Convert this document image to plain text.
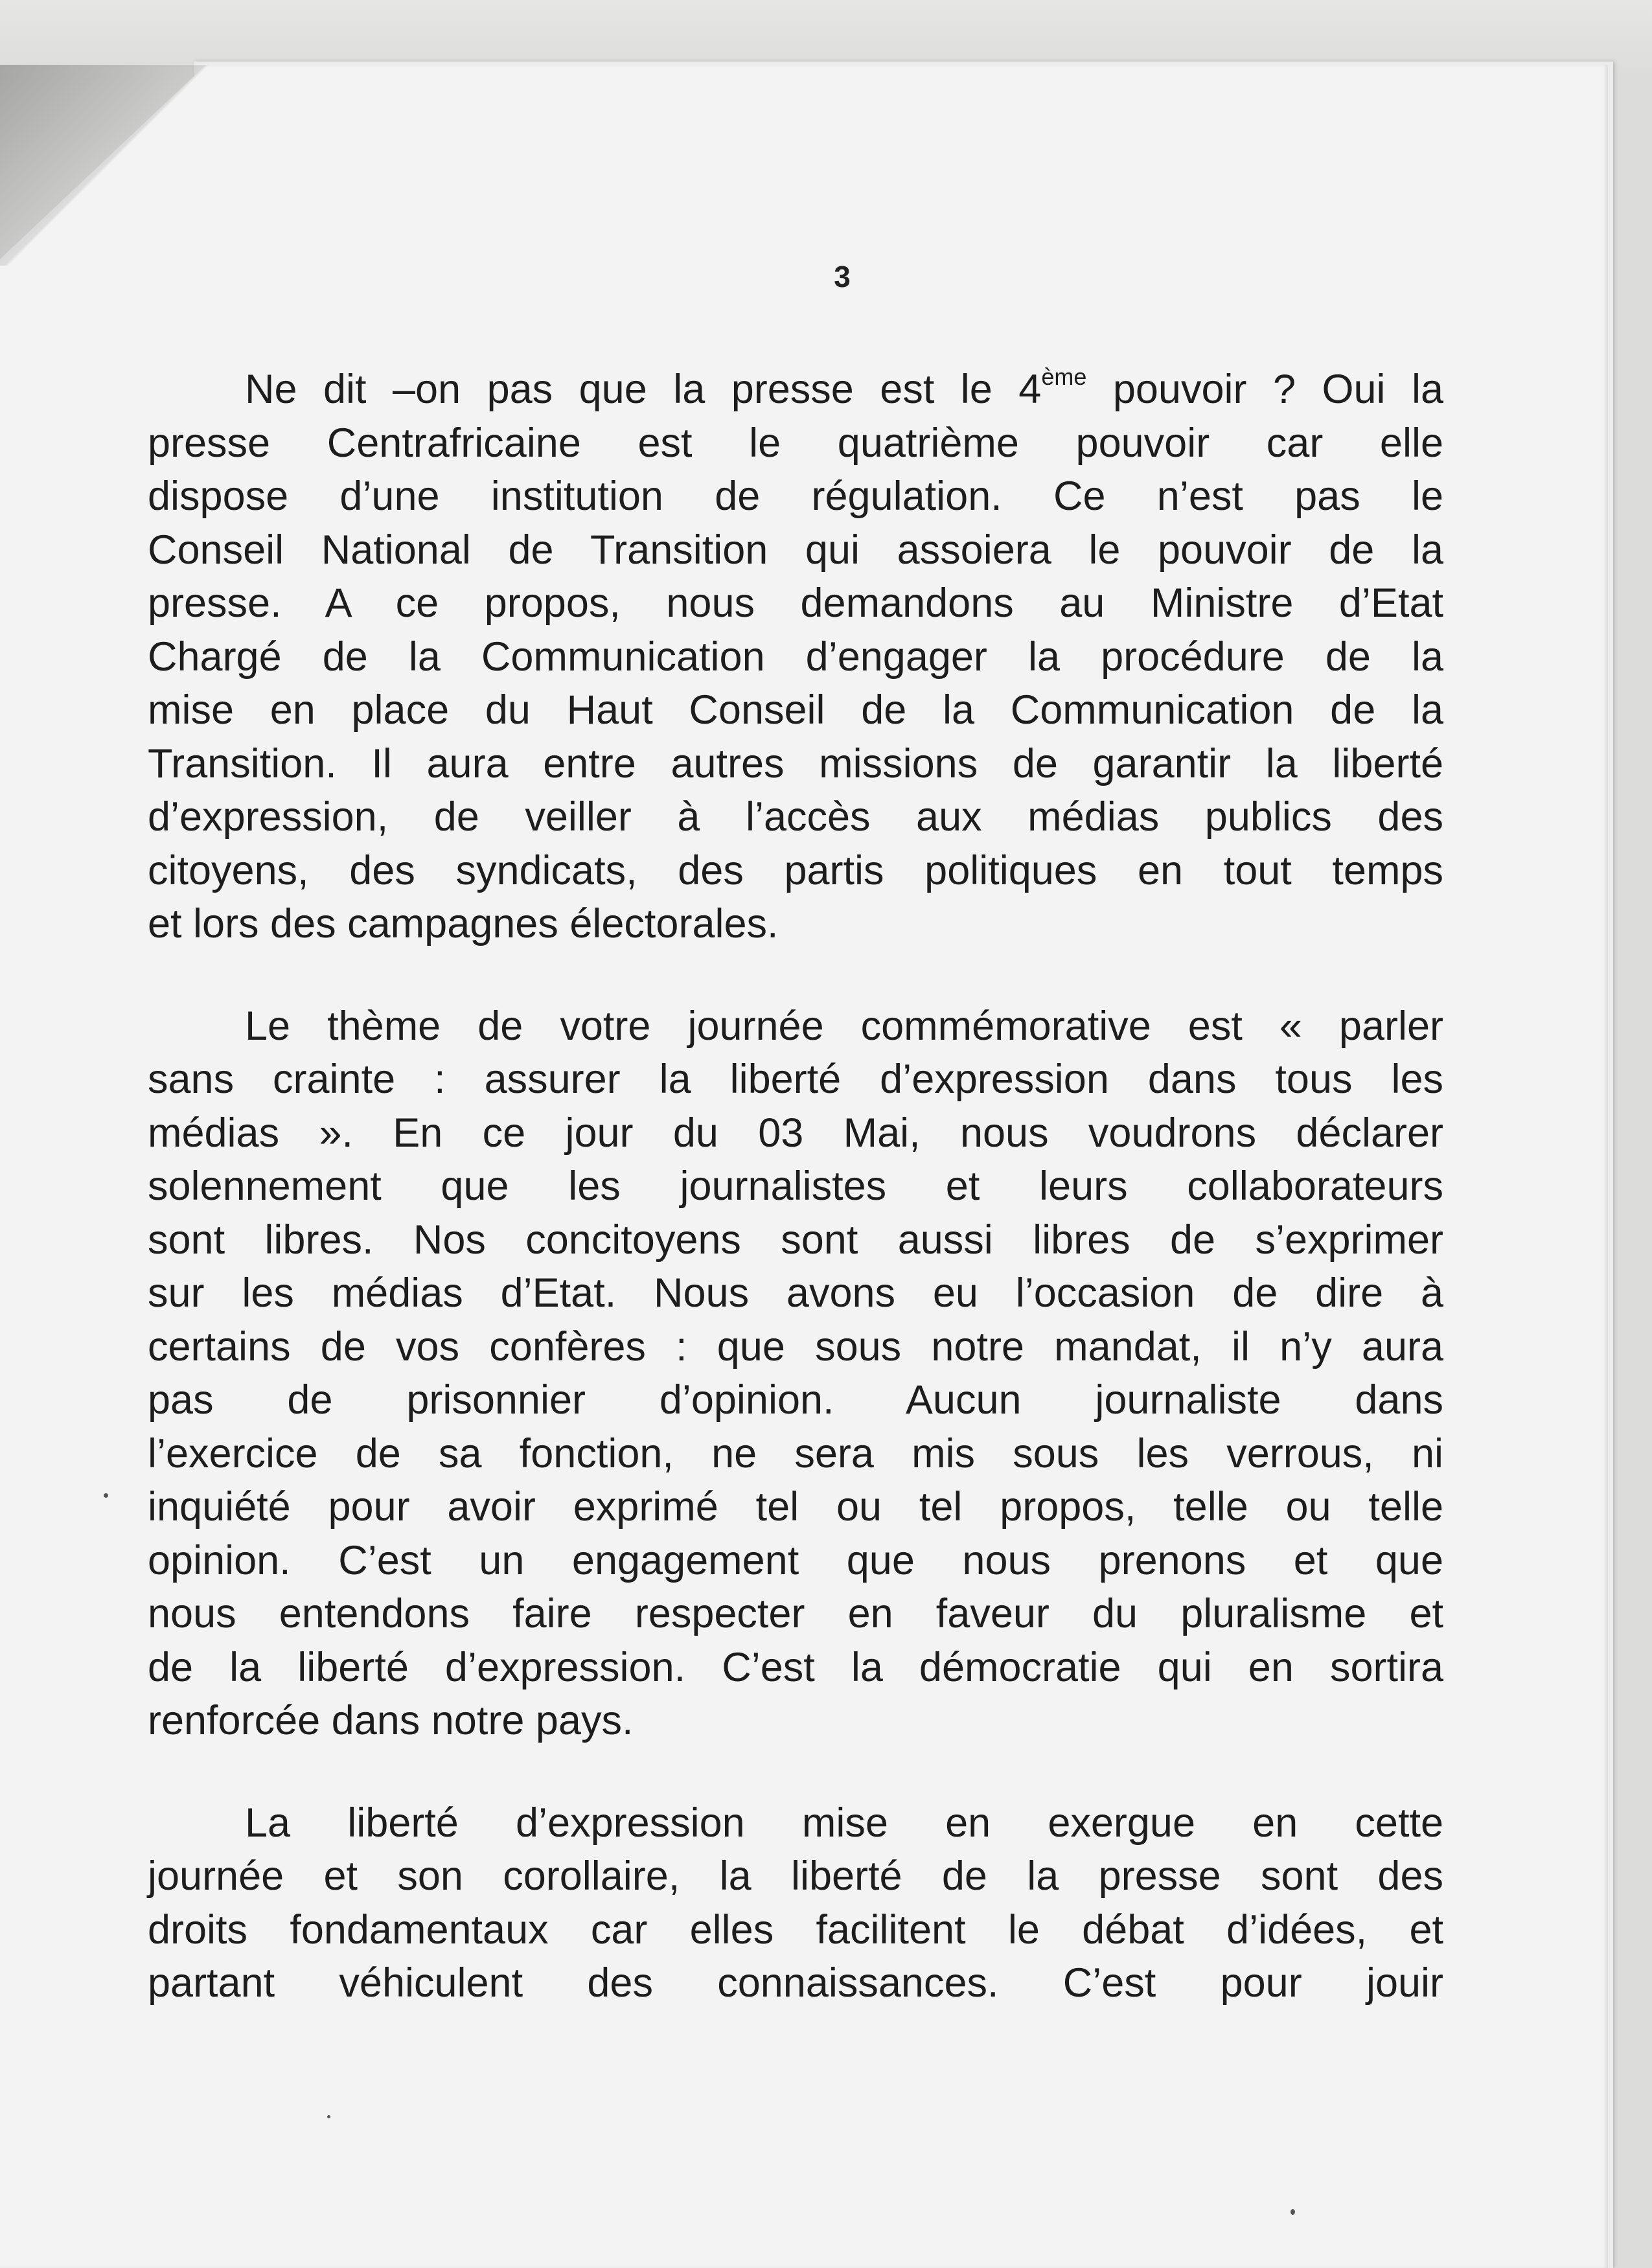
3
Ne dit –on pas que la presse est le 4ème pouvoir ? Oui la
presse Centrafricaine est le quatrième pouvoir car elle
dispose d’une institution de régulation. Ce n’est pas le
Conseil National de Transition qui assoiera le pouvoir de la
presse. A ce propos, nous demandons au Ministre d’Etat
Chargé de la Communication d’engager la procédure de la
mise en place du Haut Conseil de la Communication de la
Transition. Il aura entre autres missions de garantir la liberté
d’expression, de veiller à l’accès aux médias publics des
citoyens, des syndicats, des partis politiques en tout temps
et lors des campagnes électorales.
Le thème de votre journée commémorative est « parler
sans crainte : assurer la liberté d’expression dans tous les
médias ». En ce jour du 03 Mai, nous voudrons déclarer
solennement que les journalistes et leurs collaborateurs
sont libres. Nos concitoyens sont aussi libres de s’exprimer
sur les médias d’Etat. Nous avons eu l’occasion de dire à
certains de vos confères : que sous notre mandat, il n’y aura
pas de prisonnier d’opinion. Aucun journaliste dans
l’exercice de sa fonction, ne sera mis sous les verrous, ni
inquiété pour avoir exprimé tel ou tel propos, telle ou telle
opinion. C’est un engagement que nous prenons et que
nous entendons faire respecter en faveur du pluralisme et
de la liberté d’expression. C’est la démocratie qui en sortira
renforcée dans notre pays.
La liberté d’expression mise en exergue en cette
journée et son corollaire, la liberté de la presse sont des
droits fondamentaux car elles facilitent le débat d’idées, et
partant véhiculent des connaissances. C’est pour jouir
